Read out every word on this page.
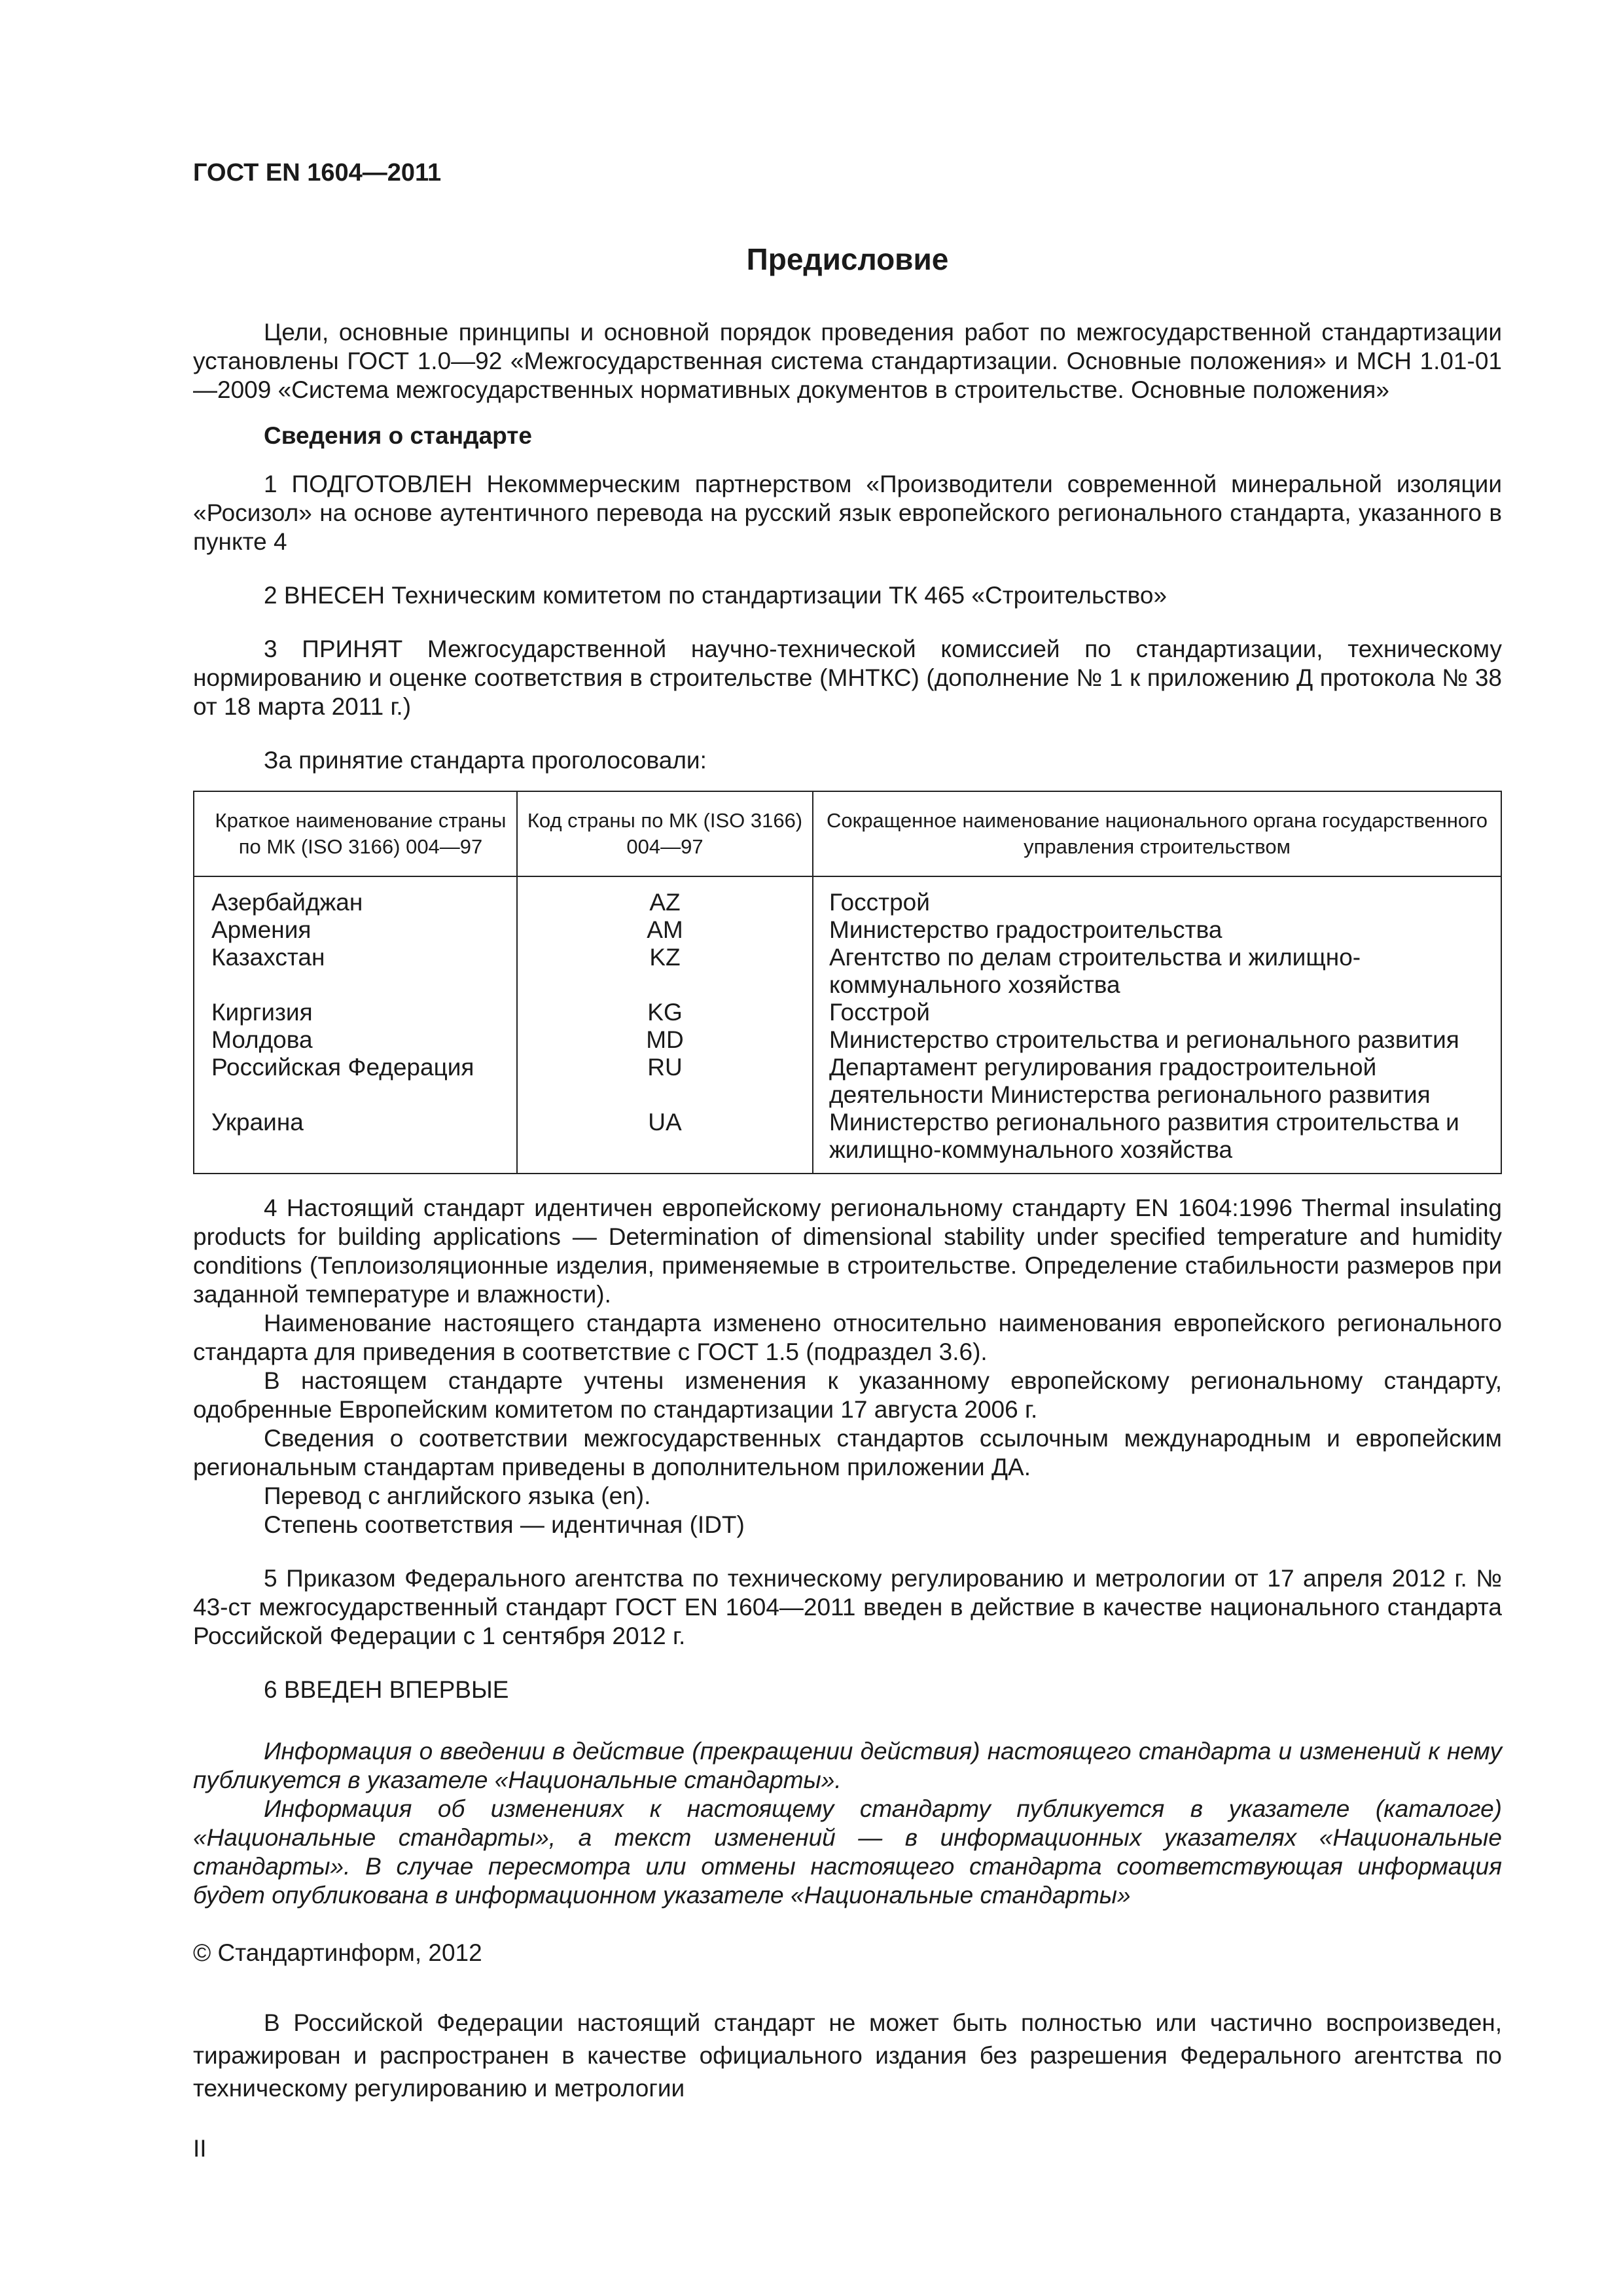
ГОСТ EN 1604—2011

Предисловие

Цели, основные принципы и основной порядок проведения работ по межгосударственной стандартизации установлены ГОСТ 1.0—92 «Межгосударственная система стандартизации. Основные положения» и МСН 1.01-01—2009 «Система межгосударственных нормативных документов в строительстве. Основные положения»

Сведения о стандарте

1 ПОДГОТОВЛЕН Некоммерческим партнерством «Производители современной минеральной изоляции «Росизол» на основе аутентичного перевода на русский язык европейского регионального стандарта, указанного в пункте 4

2 ВНЕСЕН Техническим комитетом по стандартизации ТК 465 «Строительство»

3 ПРИНЯТ Межгосударственной научно-технической комиссией по стандартизации, техническому нормированию и оценке соответствия в строительстве (МНТКС) (дополнение № 1 к приложению Д протокола № 38 от 18 марта 2011 г.)

За принятие стандарта проголосовали:

Краткое наименование страны по МК (ISO 3166) 004—97	Код страны по МК (ISO 3166) 004—97	Сокращенное наименование национального органа государственного управления строительством
Азербайджан	AZ	Госстрой
Армения	AM	Министерство градостроительства
Казахстан	KZ	Агентство по делам строительства и жилищно-коммунального хозяйства
Киргизия	KG	Госстрой
Молдова	MD	Министерство строительства и регионального развития
Российская Федерация	RU	Департамент регулирования градостроительной деятельности Министерства регионального развития
Украина	UA	Министерство регионального развития строительства и жилищно-коммунального хозяйства

4 Настоящий стандарт идентичен европейскому региональному стандарту EN 1604:1996 Thermal insulating products for building applications — Determination of dimensional stability under specified temperature and humidity conditions (Теплоизоляционные изделия, применяемые в строительстве. Определение стабильности размеров при заданной температуре и влажности).

Наименование настоящего стандарта изменено относительно наименования европейского регионального стандарта для приведения в соответствие с ГОСТ 1.5 (подраздел 3.6).

В настоящем стандарте учтены изменения к указанному европейскому региональному стандарту, одобренные Европейским комитетом по стандартизации 17 августа 2006 г.

Сведения о соответствии межгосударственных стандартов ссылочным международным и европейским региональным стандартам приведены в дополнительном приложении ДА.

Перевод с английского языка (en).

Степень соответствия — идентичная (IDT)

5 Приказом Федерального агентства по техническому регулированию и метрологии от 17 апреля 2012 г. № 43-ст межгосударственный стандарт ГОСТ EN 1604—2011 введен в действие в качестве национального стандарта Российской Федерации с 1 сентября 2012 г.

6 ВВЕДЕН ВПЕРВЫЕ

Информация о введении в действие (прекращении действия) настоящего стандарта и изменений к нему публикуется в указателе «Национальные стандарты».

Информация об изменениях к настоящему стандарту публикуется в указателе (каталоге) «Национальные стандарты», а текст изменений — в информационных указателях «Национальные стандарты». В случае пересмотра или отмены настоящего стандарта соответствующая информация будет опубликована в информационном указателе «Национальные стандарты»

© Стандартинформ, 2012

В Российской Федерации настоящий стандарт не может быть полностью или частично воспроизведен, тиражирован и распространен в качестве официального издания без разрешения Федерального агентства по техническому регулированию и метрологии

II
